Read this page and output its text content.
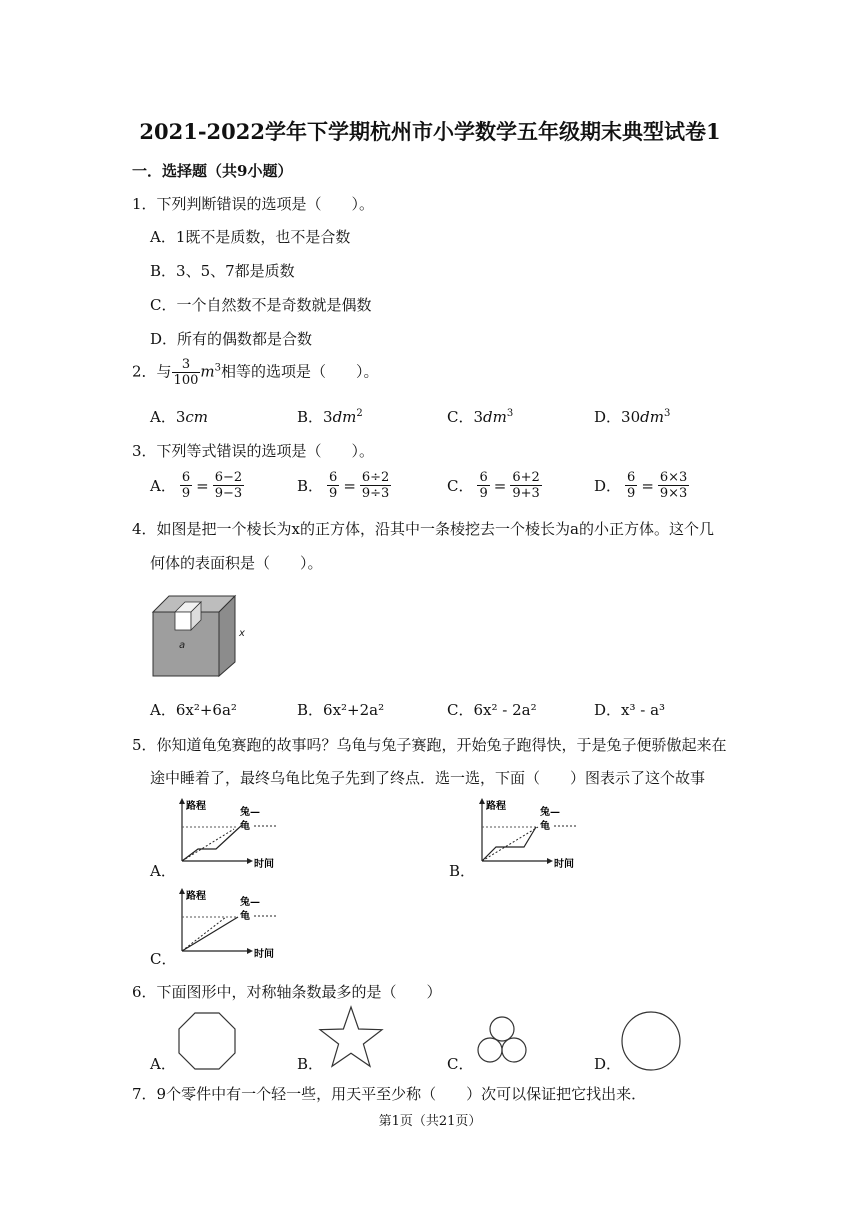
2021-2022学年下学期杭州市小学数学五年级期末典型试卷1
一．选择题（共9小题）
1．下列判断错误的选项是（　　）。
A．1既不是质数，也不是合数
B．3、5、7都是质数
C．一个自然数不是奇数就是偶数
D．所有的偶数都是合数
2．与 $\frac{3}{100} m^3$相等的选项是（　　）。
A．3cm	B．$3dm^2$	C．$3dm^3$	D．$30dm^3$
3．下列等式错误的选项是（　　）。
A． $\frac{6}{9} = \frac{6-2}{9-3}$	B． $\frac{6}{9} = \frac{6\div 2}{9\div 3}$	C． $\frac{6}{9} = \frac{6+2}{9+3}$	D． $\frac{6}{9} = \frac{6\times 3}{9\times 3}$
4．如图是把一个棱长为x的正方体，沿其中一条棱挖去一个棱长为a的小正方体。这个几
何体的表面积是（　　）。
a
x
A．6x²+6a²	B．6x²+2a²	C．6x² - 2a²	D．x³ - a³
5．你知道龟兔赛跑的故事吗？乌龟与兔子赛跑，开始兔子跑得快，于是兔子便骄傲起来在
途中睡着了，最终乌龟比兔子先到了终点．选一选，下面（　　）图表示了这个故事
A．
路程
时间
兔—
龟
B．
路程
时间
兔—
龟
C．
路程
时间
兔—
龟
6．下面图形中，对称轴条数最多的是（　　）
A．	B．	C．	D．
7．9个零件中有一个轻一些，用天平至少称（　　）次可以保证把它找出来．
第1页（共21页）
